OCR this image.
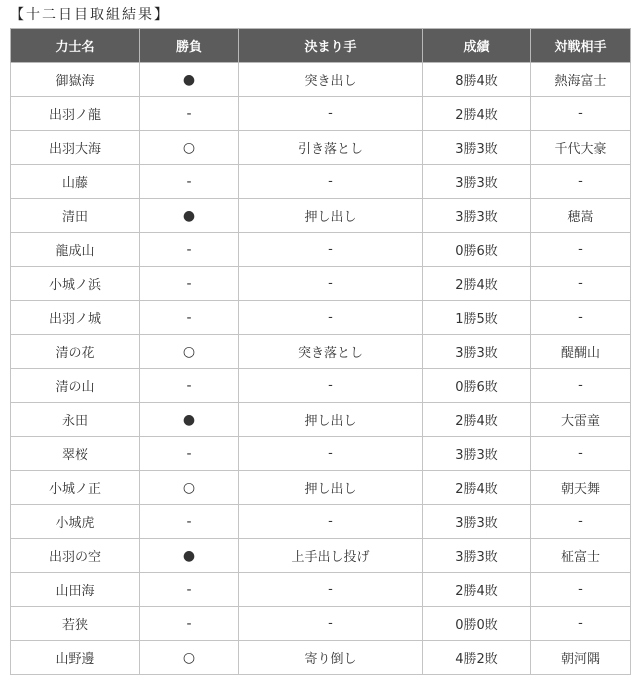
【十二日目取組結果】
力士名	勝負	決まり手	成績	対戦相手
御嶽海	●	突き出し	8勝4敗	熱海富士
出羽ノ龍	-	-	2勝4敗	-
出羽大海	○	引き落とし	3勝3敗	千代大豪
山藤	-	-	3勝3敗	-
清田	●	押し出し	3勝3敗	穂嵩
龍成山	-	-	0勝6敗	-
小城ノ浜	-	-	2勝4敗	-
出羽ノ城	-	-	1勝5敗	-
清の花	○	突き落とし	3勝3敗	醍醐山
清の山	-	-	0勝6敗	-
永田	●	押し出し	2勝4敗	大雷童
翠桜	-	-	3勝3敗	-
小城ノ正	○	押し出し	2勝4敗	朝天舞
小城虎	-	-	3勝3敗	-
出羽の空	●	上手出し投げ	3勝3敗	柾富士
山田海	-	-	2勝4敗	-
若狭	-	-	0勝0敗	-
山野邊	○	寄り倒し	4勝2敗	朝河隅
